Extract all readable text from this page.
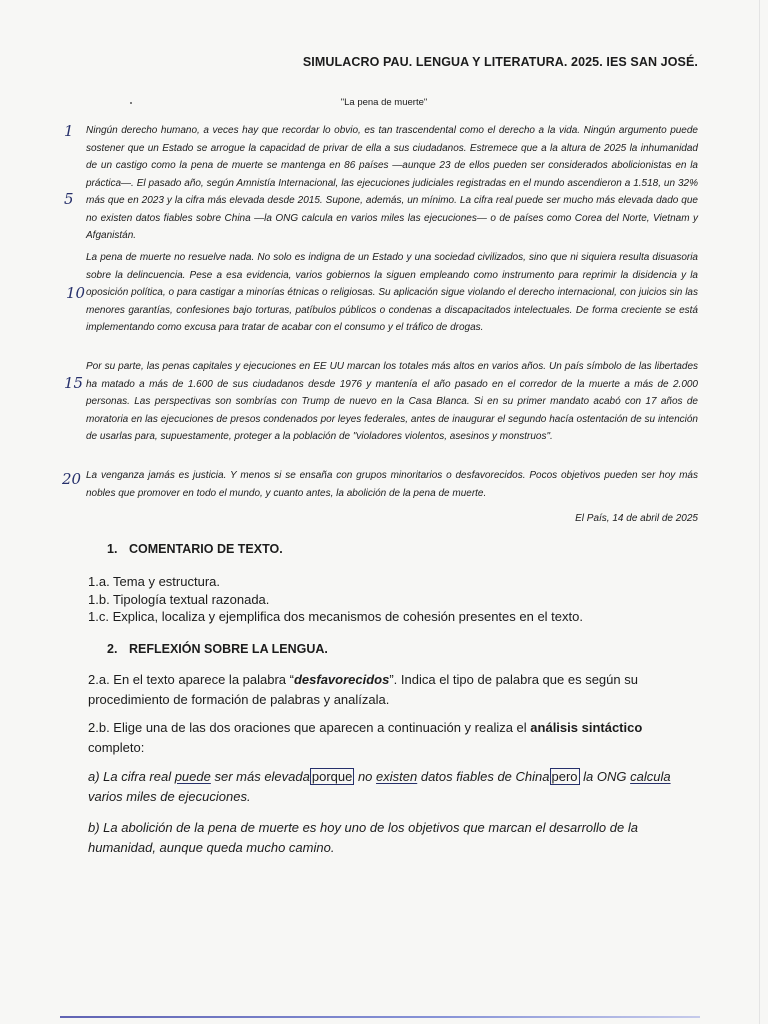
SIMULACRO PAU. LENGUA Y LITERATURA. 2025. IES SAN JOSÉ.
"La pena de muerte"
1
5
10
15
20

Ningún derecho humano, a veces hay que recordar lo obvio, es tan trascendental como el derecho a la vida. Ningún argumento puede sostener que un Estado se arrogue la capacidad de privar de ella a sus ciudadanos. Estremece que a la altura de 2025 la inhumanidad de un castigo como la pena de muerte se mantenga en 86 países —aunque 23 de ellos pueden ser considerados abolicionistas en la práctica—. El pasado año, según Amnistía Internacional, las ejecuciones judiciales registradas en el mundo ascendieron a 1.518, un 32% más que en 2023 y la cifra más elevada desde 2015. Supone, además, un mínimo. La cifra real puede ser mucho más elevada dado que no existen datos fiables sobre China —la ONG calcula en varios miles las ejecuciones— o de países como Corea del Norte, Vietnam y Afganistán.

La pena de muerte no resuelve nada. No solo es indigna de un Estado y una sociedad civilizados, sino que ni siquiera resulta disuasoria sobre la delincuencia. Pese a esa evidencia, varios gobiernos la siguen empleando como instrumento para reprimir la disidencia y la oposición política, o para castigar a minorías étnicas o religiosas. Su aplicación sigue violando el derecho internacional, con juicios sin las menores garantías, confesiones bajo torturas, patíbulos públicos o condenas a discapacitados intelectuales. De forma creciente se está implementando como excusa para tratar de acabar con el consumo y el tráfico de drogas.

Por su parte, las penas capitales y ejecuciones en EE UU marcan los totales más altos en varios años. Un país símbolo de las libertades ha matado a más de 1.600 de sus ciudadanos desde 1976 y mantenía el año pasado en el corredor de la muerte a más de 2.000 personas. Las perspectivas son sombrías con Trump de nuevo en la Casa Blanca. Si en su primer mandato acabó con 17 años de moratoria en las ejecuciones de presos condenados por leyes federales, antes de inaugurar el segundo hacía ostentación de su intención de usarlas para, supuestamente, proteger a la población de "violadores violentos, asesinos y monstruos".

La venganza jamás es justicia. Y menos si se ensaña con grupos minoritarios o desfavorecidos. Pocos objetivos pueden ser hoy más nobles que promover en todo el mundo, y cuanto antes, la abolición de la pena de muerte.

El País, 14 de abril de 2025
1. COMENTARIO DE TEXTO.
1.a. Tema y estructura.
1.b. Tipología textual razonada.
1.c. Explica, localiza y ejemplifica dos mecanismos de cohesión presentes en el texto.
2. REFLEXIÓN SOBRE LA LENGUA.

2.a. En el texto aparece la palabra “desfavorecidos”. Indica el tipo de palabra que es según su procedimiento de formación de palabras y analízala.

2.b. Elige una de las dos oraciones que aparecen a continuación y realiza el análisis sintáctico completo:

a) La cifra real puede ser más elevada porque no existen datos fiables de China pero la ONG calcula varios miles de ejecuciones.

b) La abolición de la pena de muerte es hoy uno de los objetivos que marcan el desarrollo de la humanidad, aunque queda mucho camino.
